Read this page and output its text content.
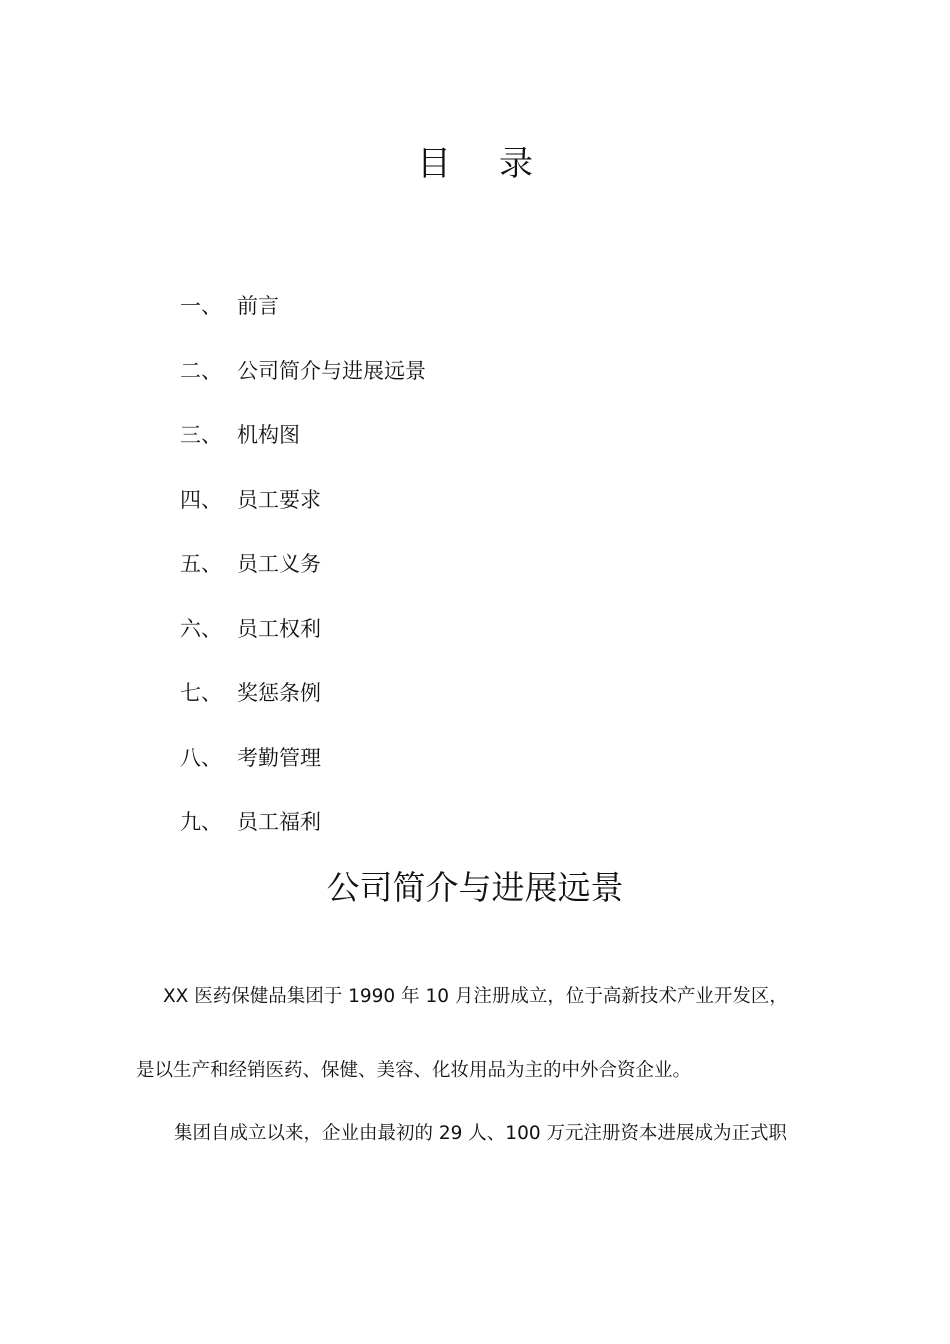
目录
一、 前言
二、 公司简介与进展远景
三、 机构图
四、 员工要求
五、 员工义务
六、 员工权利
七、 奖惩条例
八、 考勤管理
九、 员工福利
公司简介与进展远景

XX 医药保健品集团于 1990 年 10 月注册成立，位于高新技术产业开发区，

是以生产和经销医药、保健、美容、化妆用品为主的中外合资企业。

集团自成立以来，企业由最初的 29 人、100 万元注册资本进展成为正式职
